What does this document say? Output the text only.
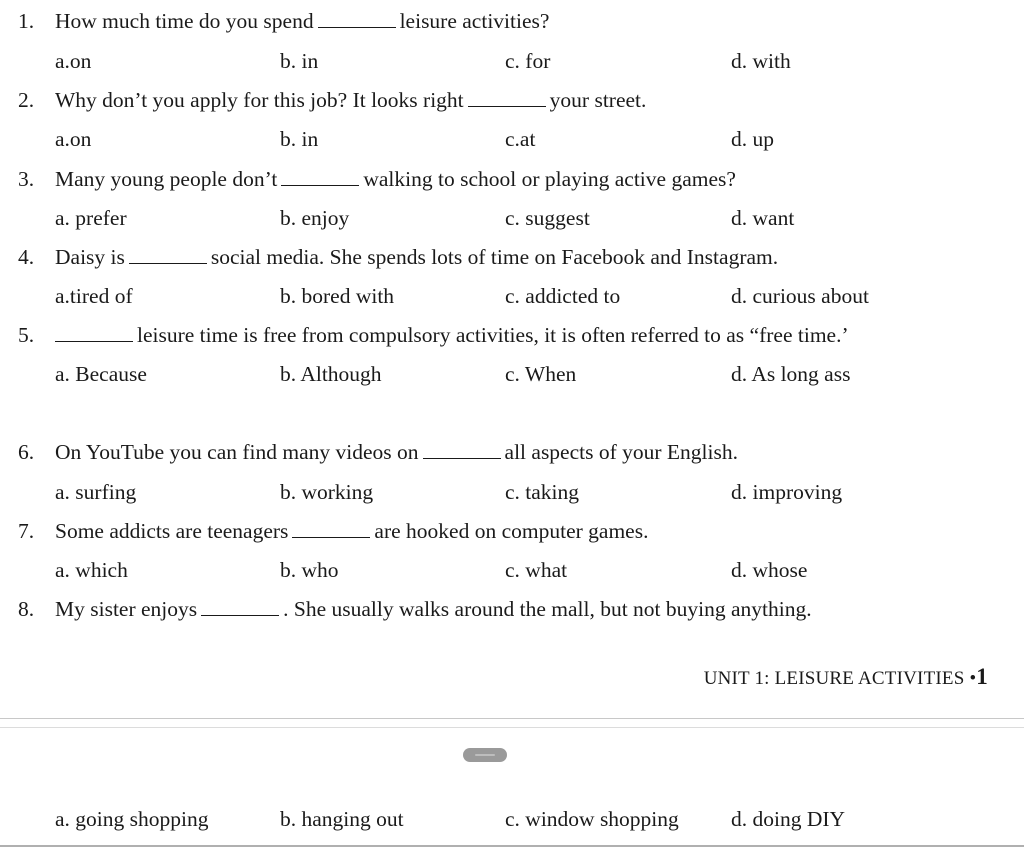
1. How much time do you spend	leisure activities?
a.on	b. in	c. for	d. with
2. Why don’t you apply for this job? It looks right	your street.
a.on	b. in	c.at	d. up
3. Many young people don’t	walking to school or playing active games?
a. prefer	b. enjoy	c. suggest	d. want
4. Daisy is	social media. She spends lots of time on Facebook and Instagram.
a.tired of	b. bored with	c. addicted to	d. curious about
5.	leisure time is free from compulsory activities, it is often referred to as “free time.’
a. Because	b. Although	c. When	d. As long ass
6. On YouTube you can find many videos on	all aspects of your English.
a. surfing	b. working	c. taking	d. improving
7. Some addicts are teenagers	are hooked on computer games.
a. which	b. who	c. what	d. whose
8. My sister enjoys	. She usually walks around the mall, but not buying anything.
UNIT 1: LEISURE ACTIVITIES •1
a. going shopping	b. hanging out	c. window shopping d. doing DIY
